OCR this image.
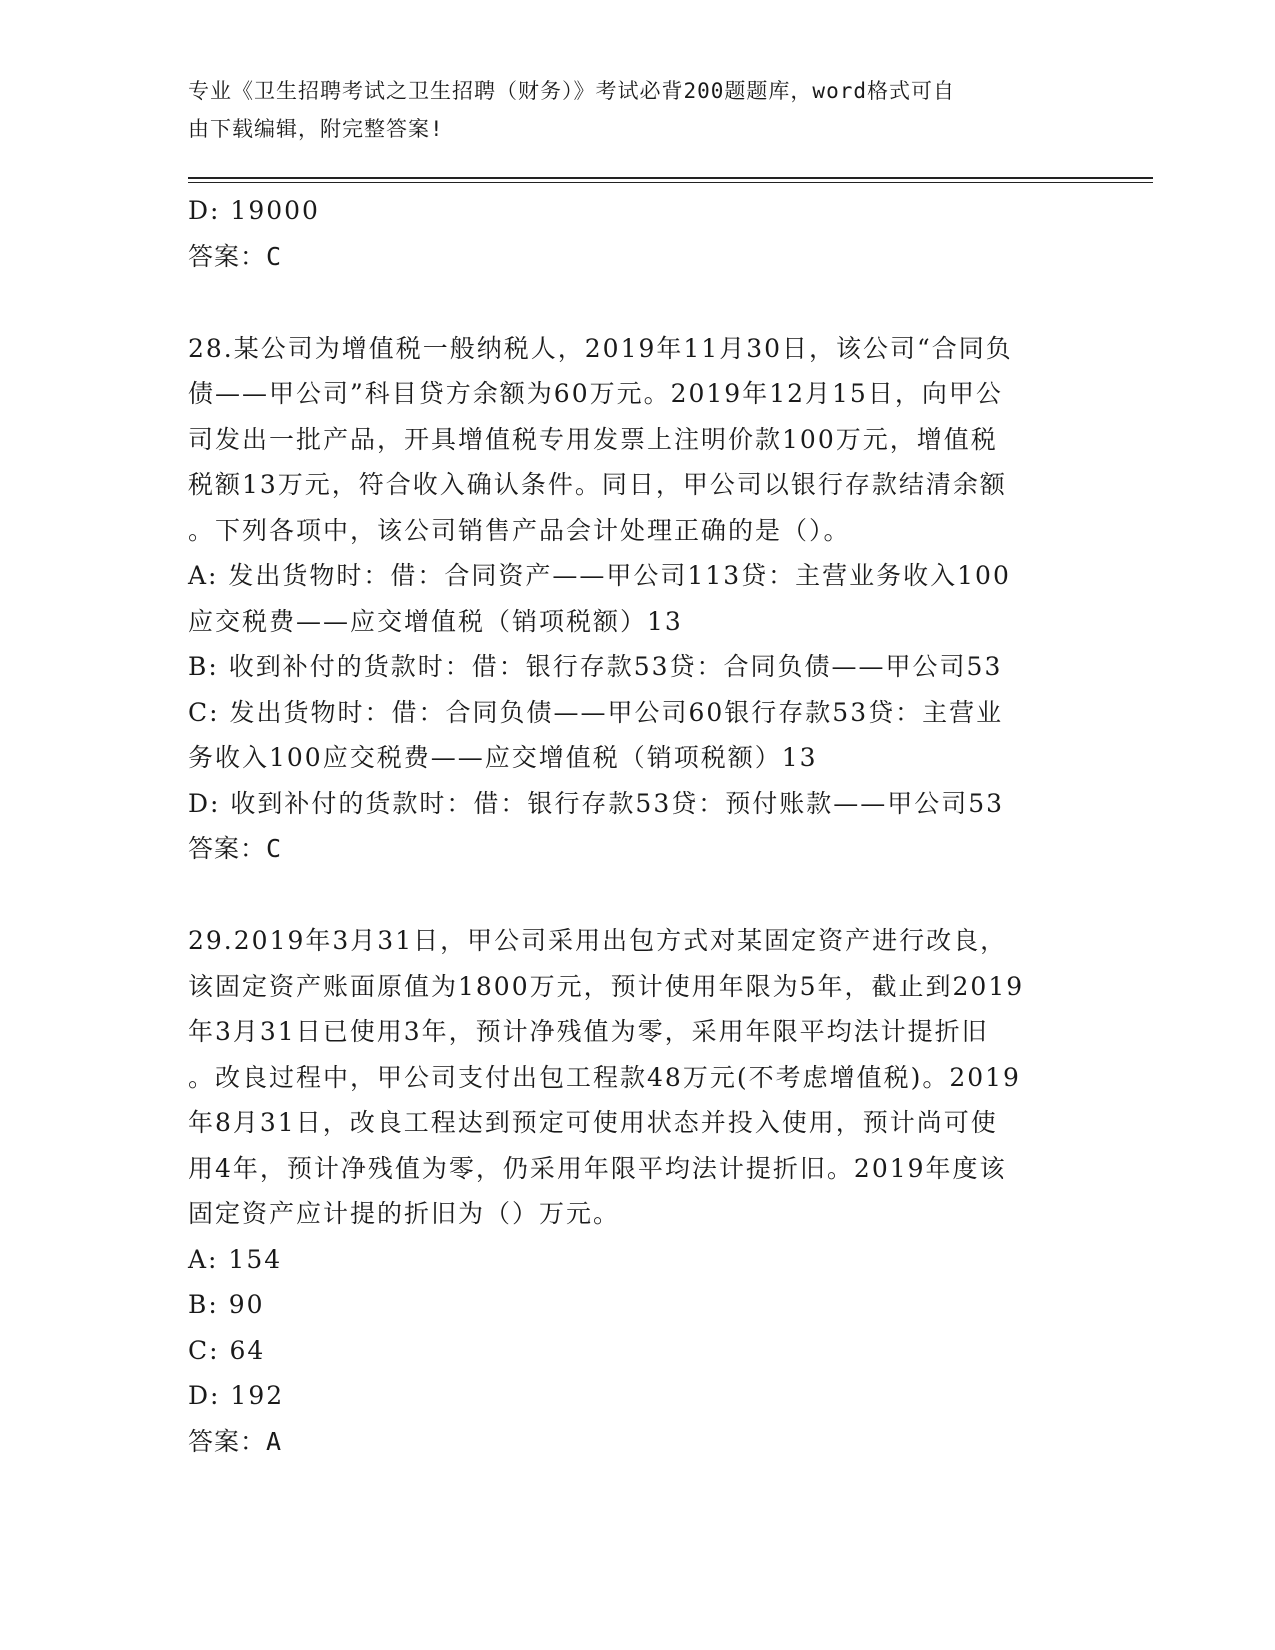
专业《卫生招聘考试之卫生招聘（财务）》考试必背200题题库，word格式可自
由下载编辑，附完整答案!
D: 19000
答案：C
28.某公司为增值税一般纳税人，2019年11月30日，该公司“合同负
债——甲公司”科目贷方余额为60万元。2019年12月15日，向甲公
司发出一批产品，开具增值税专用发票上注明价款100万元，增值税
税额13万元，符合收入确认条件。同日，甲公司以银行存款结清余额
。下列各项中，该公司销售产品会计处理正确的是（）。
A: 发出货物时：借：合同资产——甲公司113贷：主营业务收入100
应交税费——应交增值税（销项税额）13
B: 收到补付的货款时：借：银行存款53贷：合同负债——甲公司53
C: 发出货物时：借：合同负债——甲公司60银行存款53贷：主营业
务收入100应交税费——应交增值税（销项税额）13
D: 收到补付的货款时：借：银行存款53贷：预付账款——甲公司53
答案：C
29.2019年3月31日，甲公司采用出包方式对某固定资产进行改良，
该固定资产账面原值为1800万元，预计使用年限为5年，截止到2019
年3月31日已使用3年，预计净残值为零，采用年限平均法计提折旧
。改良过程中，甲公司支付出包工程款48万元(不考虑增值税)。2019
年8月31日，改良工程达到预定可使用状态并投入使用，预计尚可使
用4年，预计净残值为零，仍采用年限平均法计提折旧。2019年度该
固定资产应计提的折旧为（）万元。
A: 154
B: 90
C: 64
D: 192
答案：A
